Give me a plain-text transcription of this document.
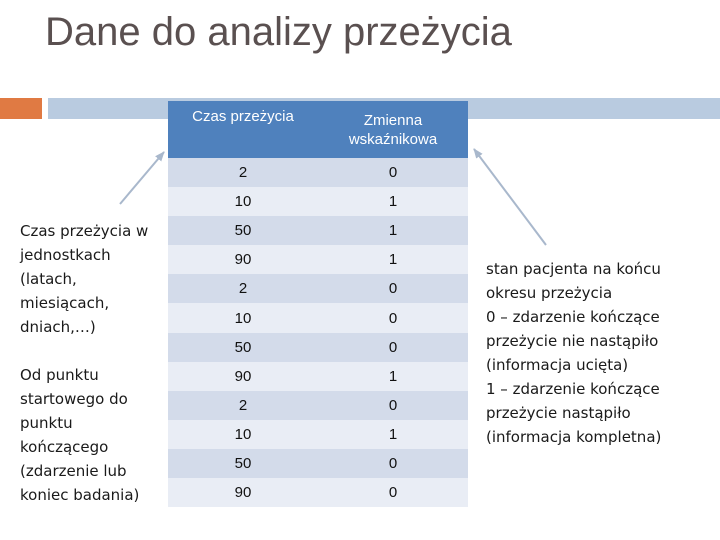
Dane do analizy przeżycia
Czas przeżycia	Zmienna wskaźnikowa
2	0
10	1
50	1
90	1
2	0
10	0
50	0
90	1
2	0
10	1
50	0
90	0
Czas przeżycia w
jednostkach
(latach,
miesiącach,
dniach,…)
Od punktu
startowego do
punktu
kończącego
(zdarzenie lub
koniec badania)
stan pacjenta na końcu
okresu przeżycia
0 – zdarzenie kończące
przeżycie nie nastąpiło
(informacja ucięta)
1 – zdarzenie kończące
przeżycie nastąpiło
(informacja kompletna)
